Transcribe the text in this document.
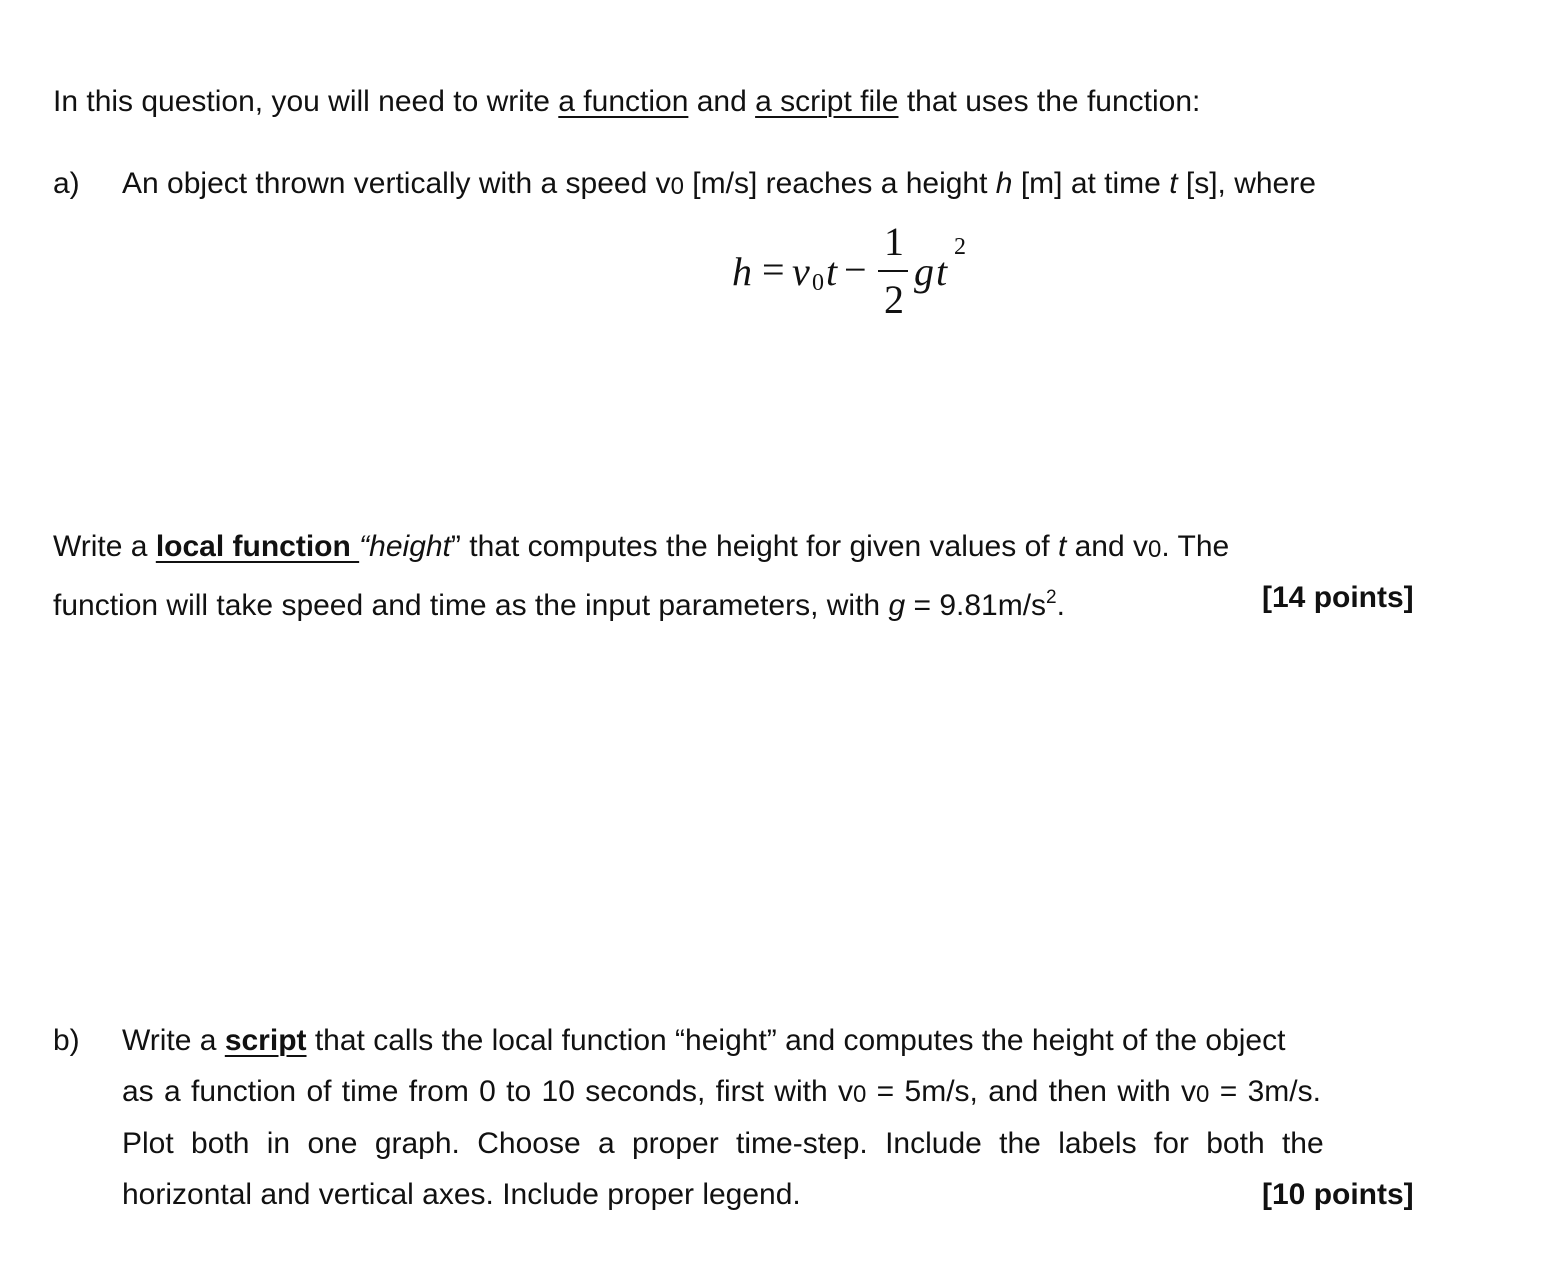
In this question, you will need to write a function and a script file that uses the function:
a) An object thrown vertically with a speed v0 [m/s] reaches a height h [m] at time t [s], where
h = v 0 t −
1
2
g t
2
Write a local function “height” that computes the height for given values of t and v0. The
function will take speed and time as the input parameters, with $g = 9.81m/s^2$.	[14 points]
b) Write a script that calls the local function “height” and computes the height of the object
as a function of time from 0 to 10 seconds, first with v0 = 5m/s, and then with v0 = 3m/s.
Plot both in one graph. Choose a proper time-step. Include the labels for both the
horizontal and vertical axes. Include proper legend.	[10 points]
